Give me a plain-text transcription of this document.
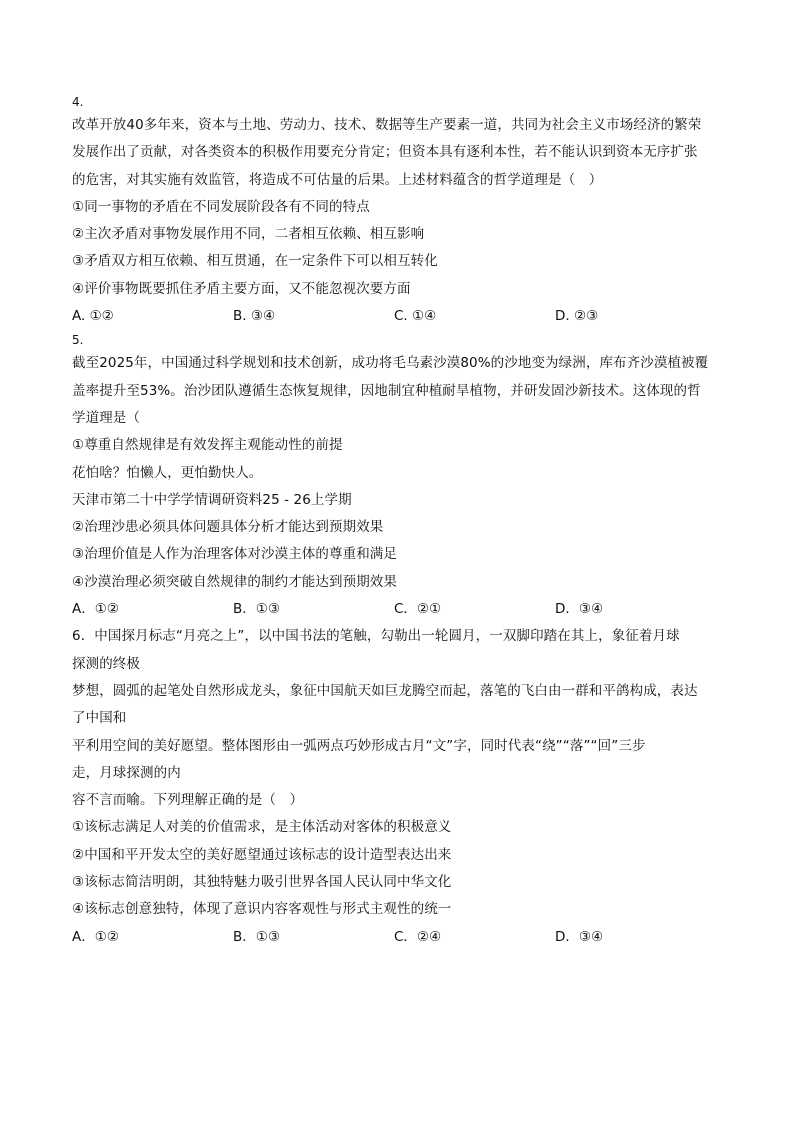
4.
改革开放40多年来，资本与土地、劳动力、技术、数据等生产要素一道，共同为社会主义市场经济的繁荣
发展作出了贡献，对各类资本的积极作用要充分肯定；但资本具有逐利本性，若不能认识到资本无序扩张
的危害，对其实施有效监管，将造成不可估量的后果。上述材料蕴含的哲学道理是（　）
①同一事物的矛盾在不同发展阶段各有不同的特点
②主次矛盾对事物发展作用不同，二者相互依赖、相互影响
③矛盾双方相互依赖、相互贯通，在一定条件下可以相互转化
④评价事物既要抓住矛盾主要方面，又不能忽视次要方面
A. ①②	B. ③④	C. ①④	D. ②③
5.
截至2025年，中国通过科学规划和技术创新，成功将毛乌素沙漠80%的沙地变为绿洲，库布齐沙漠植被覆
盖率提升至53%。治沙团队遵循生态恢复规律，因地制宜种植耐旱植物，并研发固沙新技术。这体现的哲
学道理是（
①尊重自然规律是有效发挥主观能动性的前提
花怕啥？怕懒人，更怕勤快人。
天津市第二十中学学情调研资料25 - 26上学期
②治理沙患必须具体问题具体分析才能达到预期效果
③治理价值是人作为治理客体对沙漠主体的尊重和满足
④沙漠治理必须突破自然规律的制约才能达到预期效果
A．①②	B．①③	C．②①	D．③④
6．中国探月标志“月亮之上”，以中国书法的笔触，勾勒出一轮圆月，一双脚印踏在其上，象征着月球
探测的终极
梦想，圆弧的起笔处自然形成龙头，象征中国航天如巨龙腾空而起，落笔的飞白由一群和平鸽构成，表达
了中国和
平利用空间的美好愿望。整体图形由一弧两点巧妙形成古月“文”字，同时代表“绕”“落”“回”三步
走，月球探测的内
容不言而喻。下列理解正确的是（　）
①该标志满足人对美的价值需求，是主体活动对客体的积极意义
②中国和平开发太空的美好愿望通过该标志的设计造型表达出来
③该标志简洁明朗，其独特魅力吸引世界各国人民认同中华文化
④该标志创意独特，体现了意识内容客观性与形式主观性的统一
A．①②	B．①③	C．②④	D．③④
